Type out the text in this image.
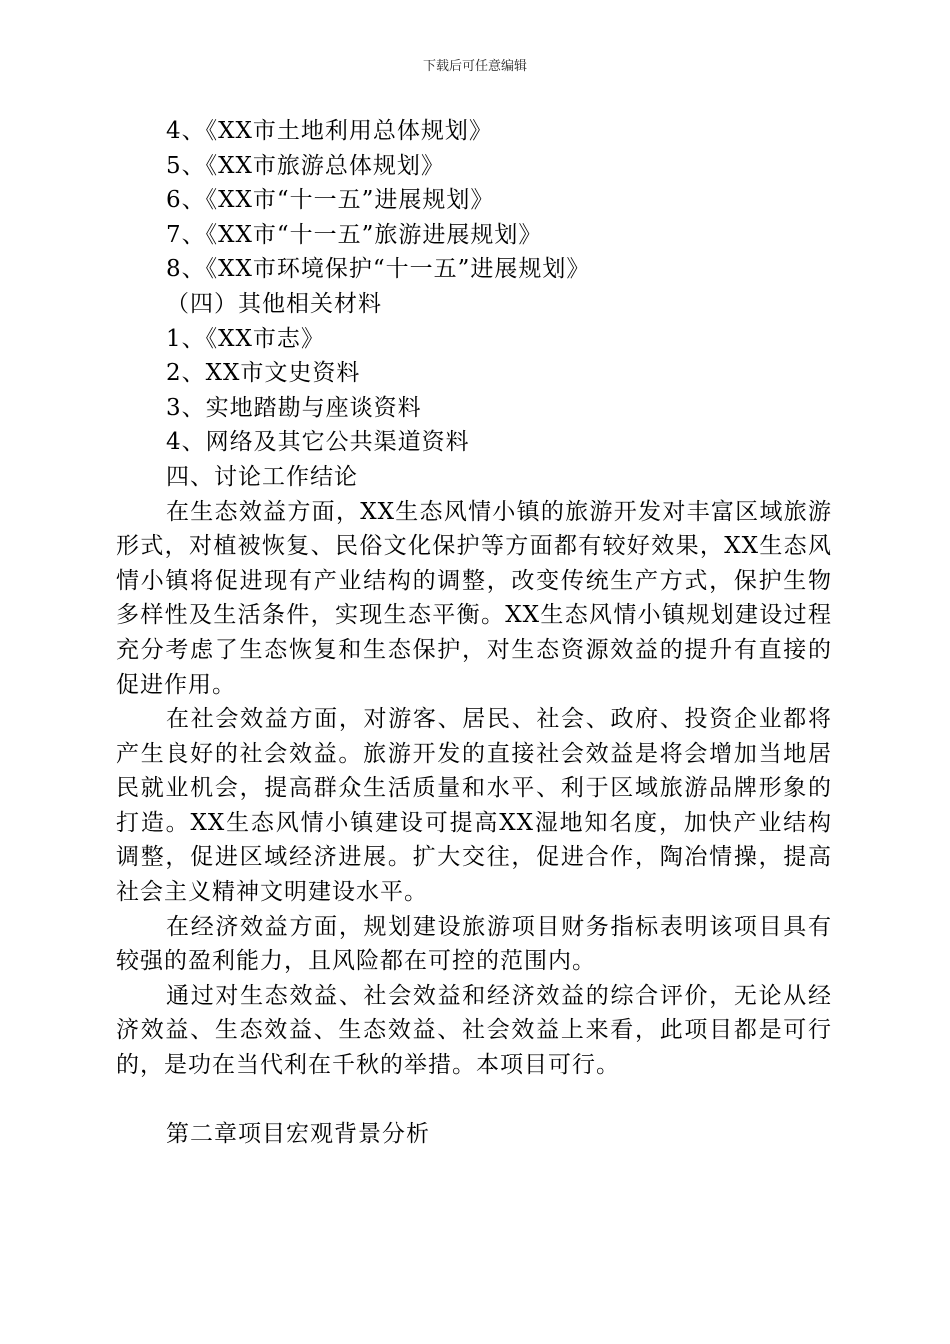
下载后可任意编辑

4、《XX市土地利用总体规划》

5、《XX市旅游总体规划》

6、《XX市“十一五”进展规划》

7、《XX市“十一五”旅游进展规划》

8、《XX市环境保护“十一五”进展规划》

（四）其他相关材料

1、《XX市志》

2、XX市文史资料

3、实地踏勘与座谈资料

4、网络及其它公共渠道资料

四、讨论工作结论

在生态效益方面，XX生态风情小镇的旅游开发对丰富区域旅游形式，对植被恢复、民俗文化保护等方面都有较好效果，XX生态风情小镇将促进现有产业结构的调整，改变传统生产方式，保护生物多样性及生活条件，实现生态平衡。XX生态风情小镇规划建设过程充分考虑了生态恢复和生态保护，对生态资源效益的提升有直接的促进作用。

在社会效益方面，对游客、居民、社会、政府、投资企业都将产生良好的社会效益。旅游开发的直接社会效益是将会增加当地居民就业机会，提高群众生活质量和水平、利于区域旅游品牌形象的打造。XX生态风情小镇建设可提高XX湿地知名度，加快产业结构调整，促进区域经济进展。扩大交往，促进合作，陶冶情操，提高社会主义精神文明建设水平。

在经济效益方面，规划建设旅游项目财务指标表明该项目具有较强的盈利能力，且风险都在可控的范围内。

通过对生态效益、社会效益和经济效益的综合评价，无论从经济效益、生态效益、生态效益、社会效益上来看，此项目都是可行的，是功在当代利在千秋的举措。本项目可行。

第二章项目宏观背景分析
